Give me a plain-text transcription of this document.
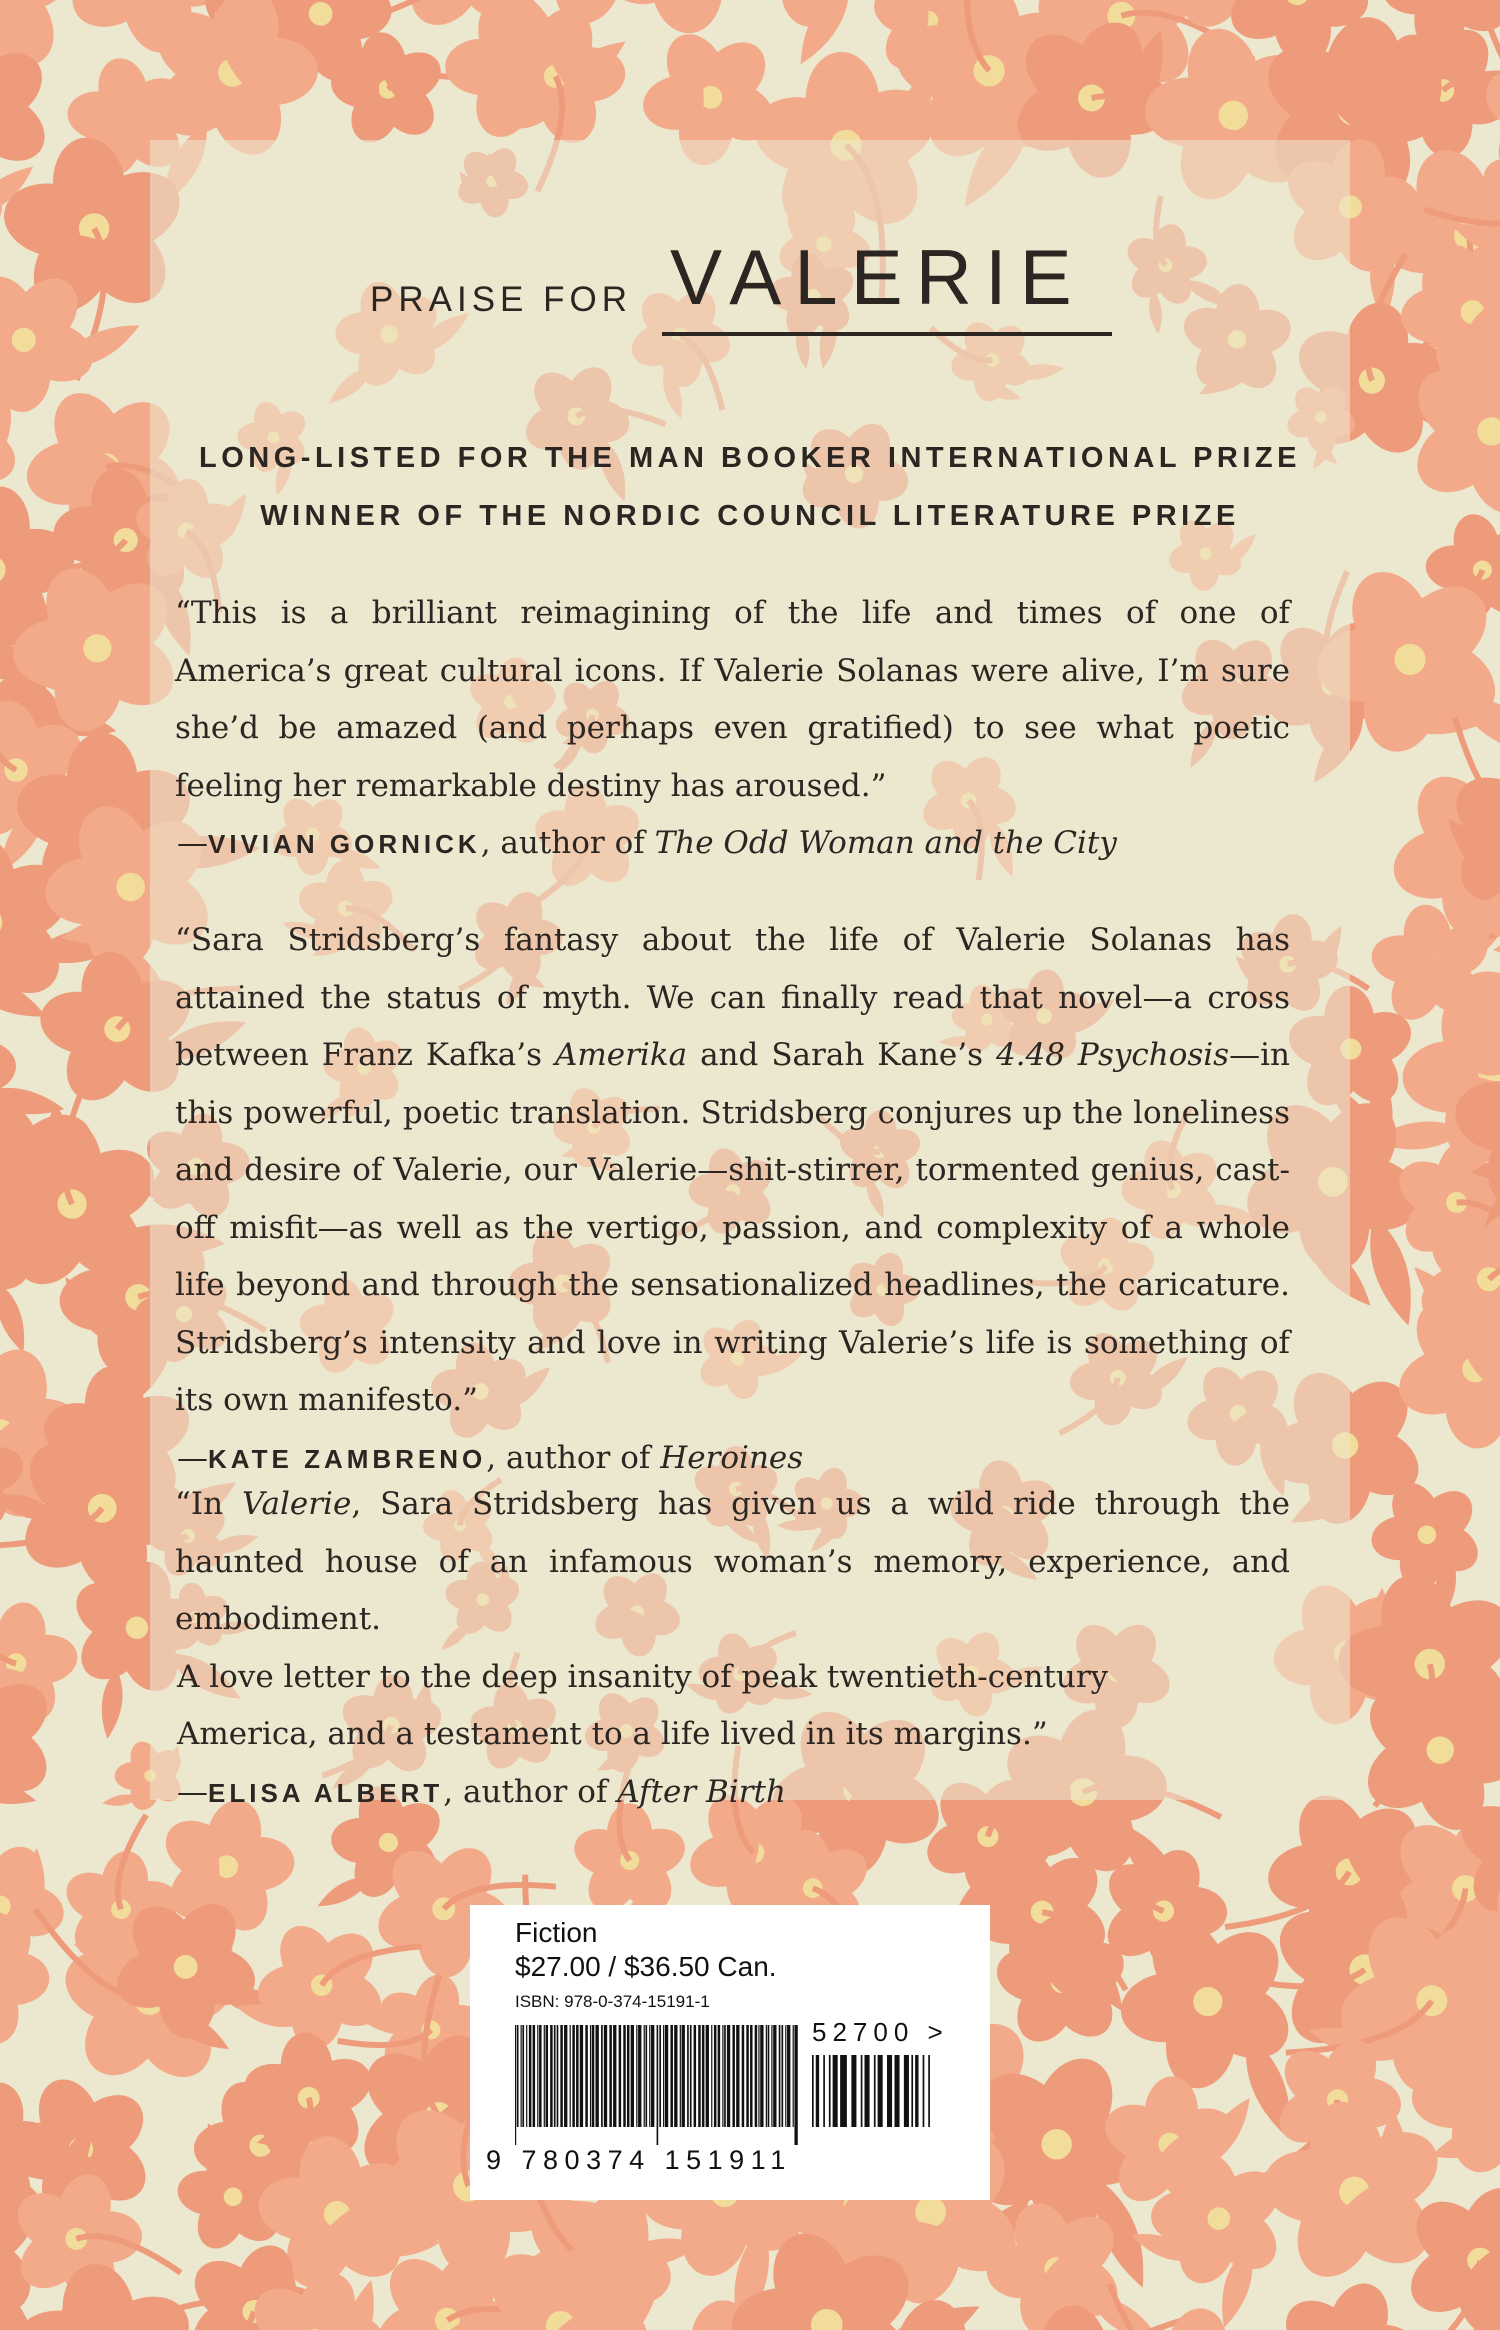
PRAISE FOR VALERIE
LONG-LISTED FOR THE MAN BOOKER INTERNATIONAL PRIZE
WINNER OF THE NORDIC COUNCIL LITERATURE PRIZE

“This is a brilliant reimagining of the life and times of one of America’s great cultural icons. If Valerie Solanas were alive, I’m sure she’d be amazed (and perhaps even gratified) to see what poetic feeling her remarkable destiny has aroused.”

—VIVIAN GORNICK, author of The Odd Woman and the City

“Sara Stridsberg’s fantasy about the life of Valerie Solanas has attained the status of myth. We can finally read that novel—a cross between Franz Kafka’s Amerika and Sarah Kane’s 4.48 Psychosis—in this powerful, poetic translation. Stridsberg conjures up the loneliness and desire of Valerie, our Valerie—shit-stirrer, tormented genius, cast-off misfit—as well as the vertigo, passion, and complexity of a whole life beyond and through the sensationalized headlines, the caricature. Stridsberg’s intensity and love in writing Valerie’s life is something of its own manifesto.”

—KATE ZAMBRENO, author of Heroines

“In Valerie, Sara Stridsberg has given us a wild ride through the haunted house of an infamous woman’s memory, experience, and embodiment.

A love letter to the deep insanity of peak twentieth-century

America, and a testament to a life lived in its margins.”

—ELISA ALBERT, author of After Birth

Fiction
$27.00 / $36.50 Can.
ISBN: 978-0-374-15191-1
52700 >
9 780374 151911
